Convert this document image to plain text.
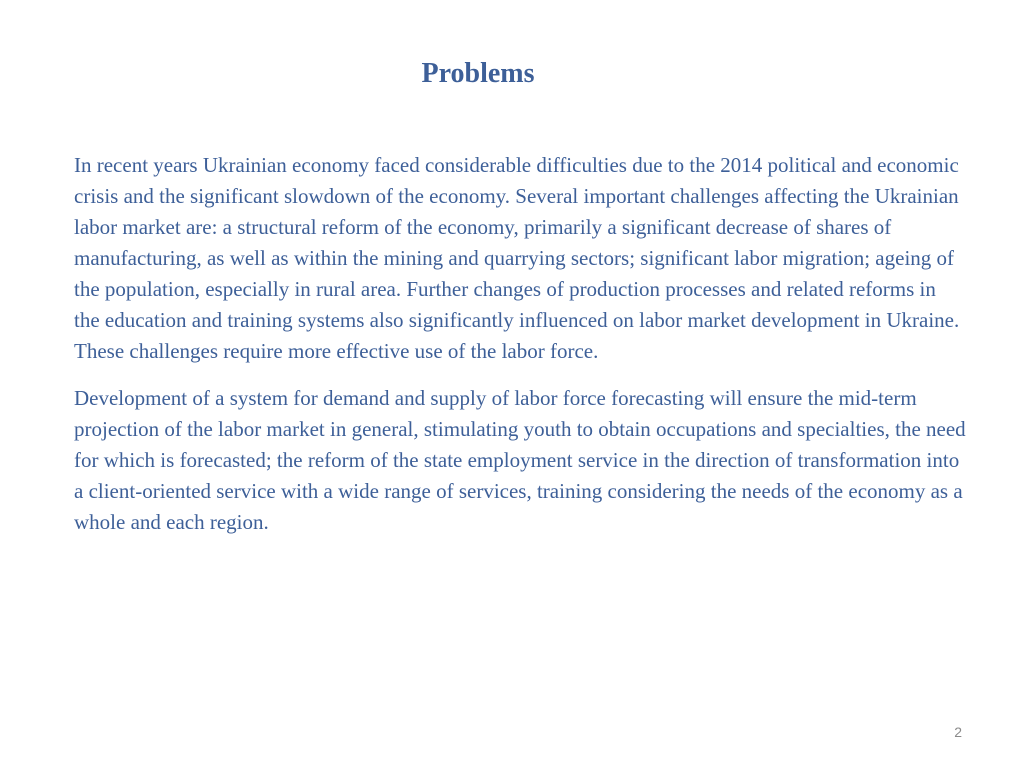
Problems

In recent years Ukrainian economy faced considerable difficulties due to the 2014 political and economic crisis and the significant slowdown of the economy. Several important challenges affecting the Ukrainian labor market are: a structural reform of the economy, primarily a significant decrease of shares of manufacturing, as well as within the mining and quarrying sectors; significant labor migration; ageing of the population, especially in rural area. Further changes of production processes and related reforms in the education and training systems also significantly influenced on labor market development in Ukraine. These challenges require more effective use of the labor force.

Development of a system for demand and supply of labor force forecasting will ensure the mid-term projection of the labor market in general, stimulating youth to obtain occupations and specialties, the need for which is forecasted; the reform of the state employment service in the direction of transformation into a client-oriented service with a wide range of services, training considering the needs of the economy as a whole and each region.

2
